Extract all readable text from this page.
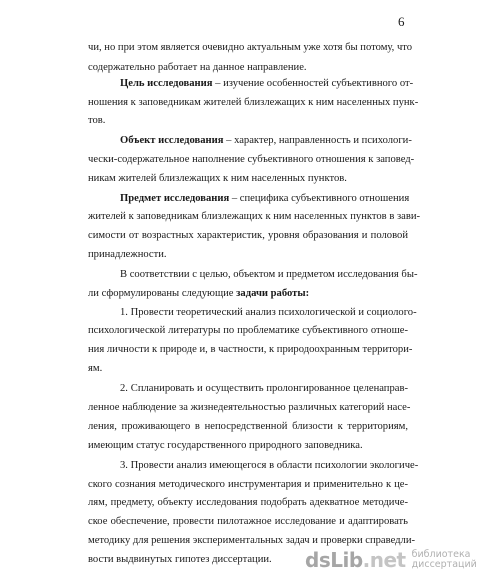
6
чи, но при этом является очевидно актуальным уже хотя бы потому, что
содержательно работает на данное направление.
Цель исследования – изучение особенностей субъективного от-
ношения к заповедникам жителей близлежащих к ним населенных пунк-
тов.
Объект исследования – характер, направленность и психологи-
чески-содержательное наполнение субъективного отношения к заповед-
никам жителей близлежащих к ним населенных пунктов.
Предмет исследования – специфика субъективного отношения
жителей к заповедникам близлежащих к ним населенных пунктов в зави-
симости от возрастных характеристик, уровня образования и половой
принадлежности.
В соответствии с целью, объектом и предметом исследования бы-
ли сформулированы следующие задачи работы:
1. Провести теоретический анализ психологической и социолого-
психологической литературы по проблематике субъективного отноше-
ния личности к природе и, в частности, к природоохранным территори-
ям.
2. Спланировать и осуществить пролонгированное целенаправ-
ленное наблюдение за жизнедеятельностью различных категорий насе-
ления, проживающего в непосредственной близости к территориям,
имеющим статус государственного природного заповедника.
3. Провести анализ имеющегося в области психологии экологиче-
ского сознания методического инструментария и применительно к це-
лям, предмету, объекту исследования подобрать адекватное методиче-
ское обеспечение, провести пилотажное исследование и адаптировать
методику для решения экспериментальных задач и проверки справедли-
вости выдвинутых гипотез диссертации.	dsLib.net библиотека диссертаций
